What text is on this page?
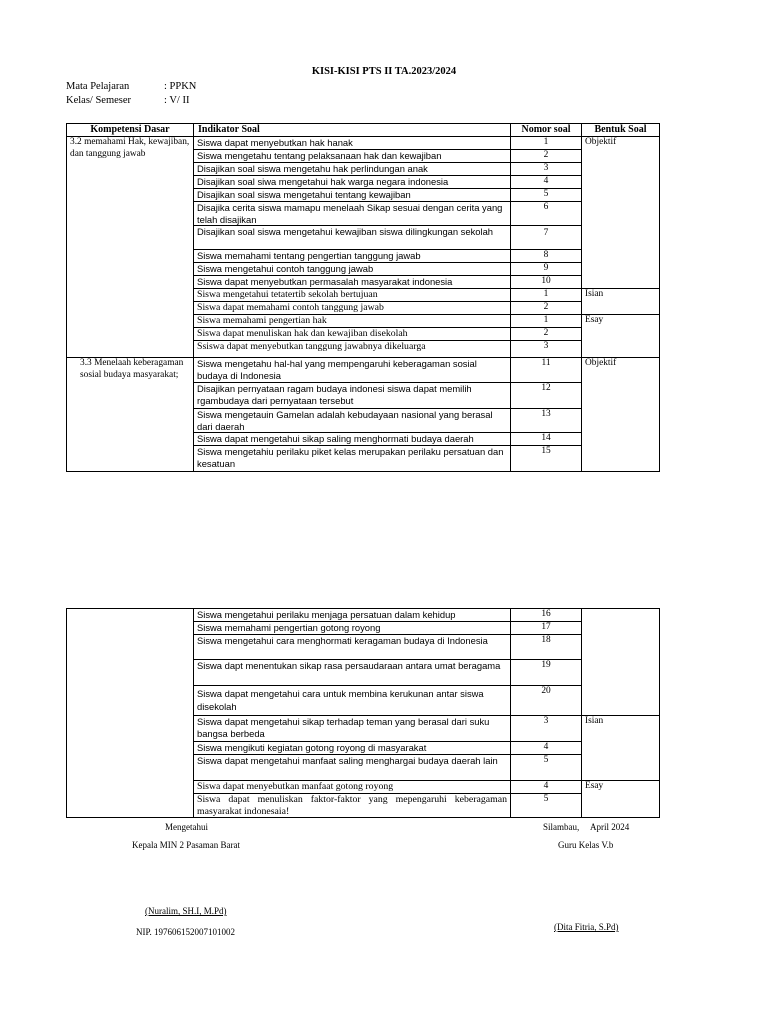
KISI-KISI PTS II TA.2023/2024
Mata Pelajaran	: PPKN
Kelas/ Semeser	: V/ II
Kompetensi Dasar	Indikator Soal	Nomor soal	Bentuk Soal
3.2 memahami Hak, kewajiban, dan tanggung jawab	Siswa dapat menyebutkan hak hanak	1	Objektif
	Siswa mengetahu tentang pelaksanaan hak dan kewajiban	2	
	Disajikan soal siswa mengetahu hak perlindungan anak	3	
	Disajikan soal siwa mengetahui hak warga negara indonesia	4	
	Disajikan soal siswa mengetahui tentang kewajiban	5	
	Disajika cerita siswa mamapu menelaah Sikap sesuai dengan cerita yang telah disajikan	6	
	Disajikan soal siswa mengetahui kewajiban siswa dilingkungan sekolah	7	
	Siswa memahami tentang pengertian tanggung jawab	8	
	Siswa mengetahui contoh tanggung jawab	9	
	Siswa dapat menyebutkan permasalah masyarakat indonesia	10	
	Siswa mengetahui tetatertib sekolah bertujuan	1	Isian
	Siswa dapat memahami contoh tanggung jawab	2	
	Siswa memahami pengertian hak	1	Esay
	Siswa dapat menuliskan hak dan kewajiban disekolah	2	
	Ssiswa dapat menyebutkan tanggung jawabnya dikeluarga	3	
3.3 Menelaah keberagaman sosial budaya masyarakat;	Siswa mengetahu hal-hal yang mempengaruhi keberagaman sosial budaya di Indonesia	11	Objektif
	Disajikan pernyataan ragam budaya indonesi siswa dapat memilih rgambudaya dari pernyataan tersebut	12	
	Siswa mengetauin Gamelan adalah kebudayaan nasional yang berasal dari daerah	13	
	Siswa dapat mengetahui sikap saling menghormati budaya daerah	14	
	Siswa mengetahiu perilaku piket kelas merupakan perilaku persatuan dan kesatuan	15	
	Siswa mengetahui perilaku menjaga persatuan dalam kehidup	16	
	Siswa memahami pengertian gotong royong	17	
	Siswa mengetahui cara menghormati keragaman budaya di Indonesia	18	
	Siswa dapt menentukan sikap rasa persaudaraan antara umat beragama	19	
	Siswa dapat mengetahui cara untuk membina kerukunan antar siswa disekolah	20	
	Siswa dapat mengetahui sikap terhadap teman yang berasal dari suku bangsa berbeda	3	Isian
	Siswa mengikuti kegiatan gotong royong di masyarakat	4	
	Siswa dapat mengetahui manfaat saling menghargai budaya daerah lain	5	
	Siswa dapat menyebutkan manfaat gotong royong	4	Esay
	Siswa dapat menuliskan faktor-faktor yang mepengaruhi keberagaman masyarakat indonesaia!	5	
Mengetahui
Kepala MIN 2 Pasaman Barat
(Nuralim, SH.I, M.Pd)
NIP. 197606152007101002
Silambau,     April 2024
Guru Kelas V.b
(Dita Fitria, S.Pd)
